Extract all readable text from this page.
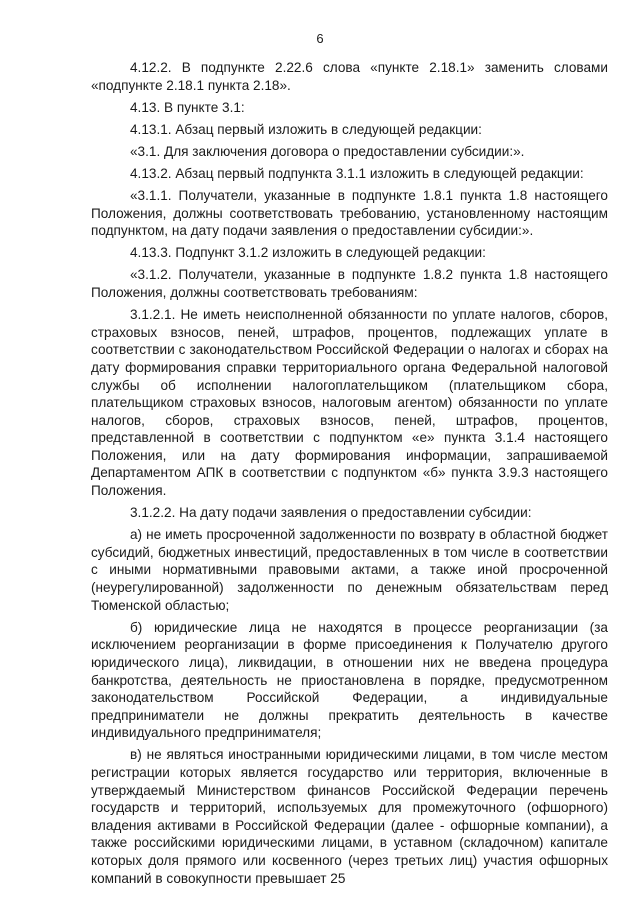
6

4.12.2. В подпункте 2.22.6 слова «пункте 2.18.1» заменить словами «подпункте 2.18.1 пункта 2.18».

4.13. В пункте 3.1:

4.13.1. Абзац первый изложить в следующей редакции:

«3.1. Для заключения договора о предоставлении субсидии:».

4.13.2. Абзац первый подпункта 3.1.1 изложить в следующей редакции:

«3.1.1. Получатели, указанные в подпункте 1.8.1 пункта 1.8 настоящего Положения, должны соответствовать требованию, установленному настоящим подпунктом, на дату подачи заявления о предоставлении субсидии:».

4.13.3. Подпункт 3.1.2 изложить в следующей редакции:

«3.1.2. Получатели, указанные в подпункте 1.8.2 пункта 1.8 настоящего Положения, должны соответствовать требованиям:

3.1.2.1. Не иметь неисполненной обязанности по уплате налогов, сборов, страховых взносов, пеней, штрафов, процентов, подлежащих уплате в соответствии с законодательством Российской Федерации о налогах и сборах на дату формирования справки территориального органа Федеральной налоговой службы об исполнении налогоплательщиком (плательщиком сбора, плательщиком страховых взносов, налоговым агентом) обязанности по уплате налогов, сборов, страховых взносов, пеней, штрафов, процентов, представленной в соответствии с подпунктом «е» пункта 3.1.4 настоящего Положения, или на дату формирования информации, запрашиваемой Департаментом АПК в соответствии с подпунктом «б» пункта 3.9.3 настоящего Положения.

3.1.2.2. На дату подачи заявления о предоставлении субсидии:

а) не иметь просроченной задолженности по возврату в областной бюджет субсидий, бюджетных инвестиций, предоставленных в том числе в соответствии с иными нормативными правовыми актами, а также иной просроченной (неурегулированной) задолженности по денежным обязательствам перед Тюменской областью;

б) юридические лица не находятся в процессе реорганизации (за исключением реорганизации в форме присоединения к Получателю другого юридического лица), ликвидации, в отношении них не введена процедура банкротства, деятельность не приостановлена в порядке, предусмотренном законодательством Российской Федерации, а индивидуальные предприниматели не должны прекратить деятельность в качестве индивидуального предпринимателя;

в) не являться иностранными юридическими лицами, в том числе местом регистрации которых является государство или территория, включенные в утверждаемый Министерством финансов Российской Федерации перечень государств и территорий, используемых для промежуточного (офшорного) владения активами в Российской Федерации (далее - офшорные компании), а также российскими юридическими лицами, в уставном (складочном) капитале которых доля прямого или косвенного (через третьих лиц) участия офшорных компаний в совокупности превышает 25
